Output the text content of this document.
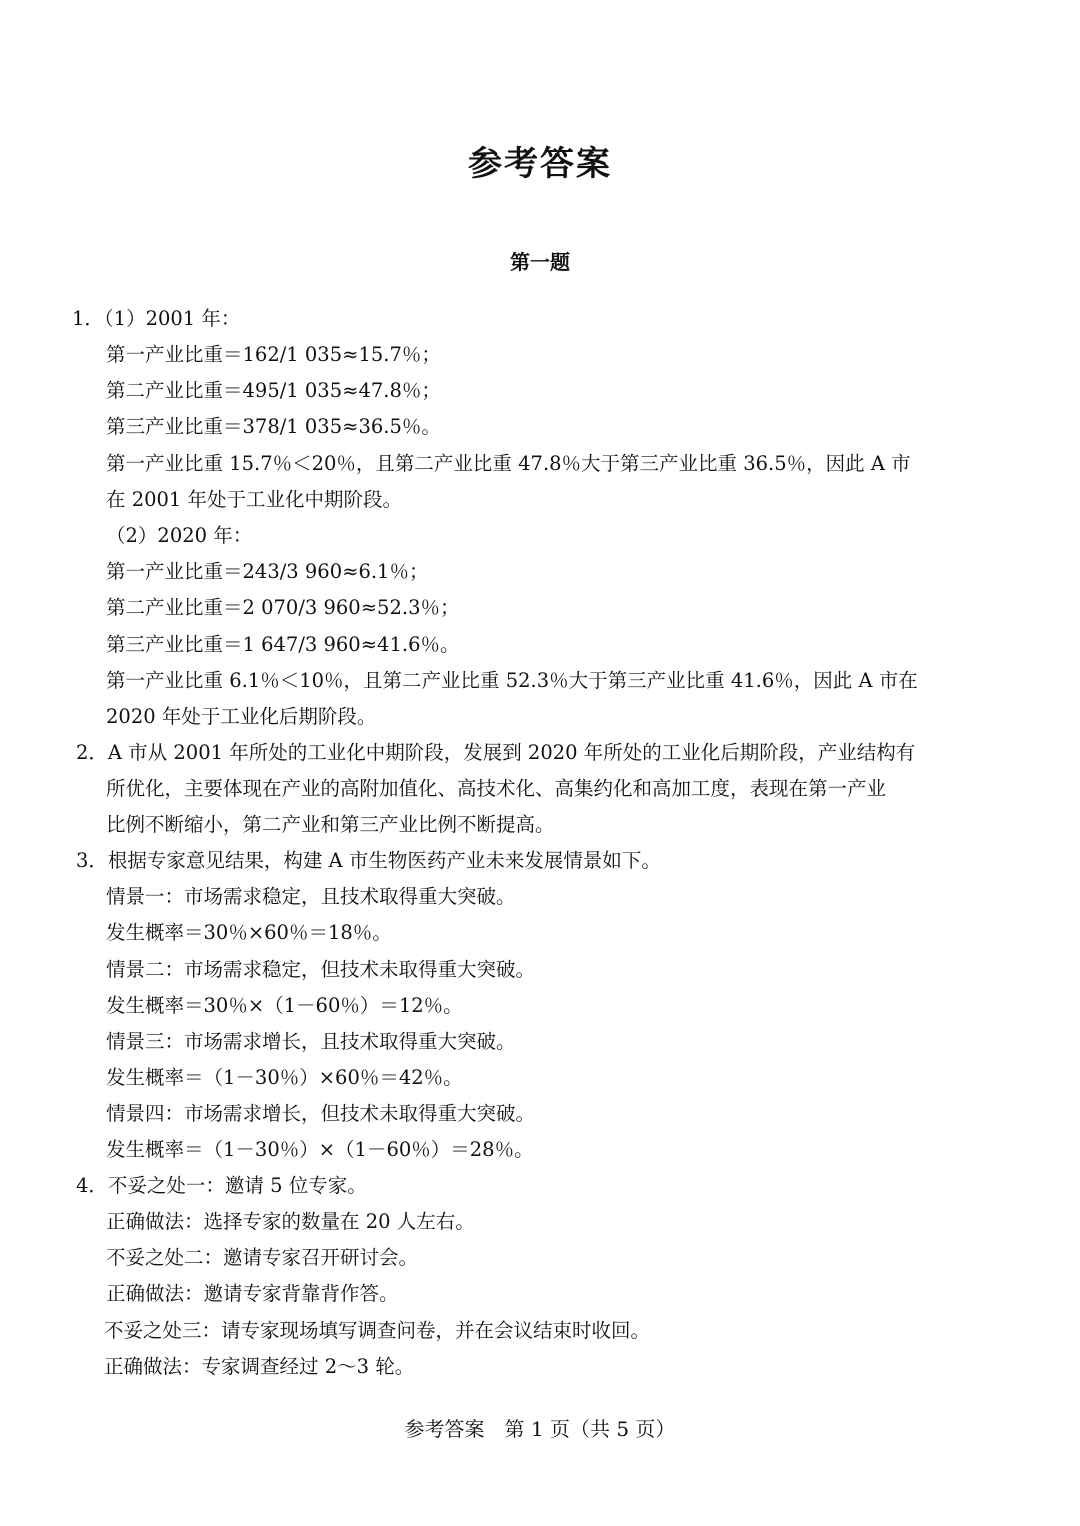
参考答案
第一题
1．（1）2001 年：
第一产业比重＝162/1 035≈15.7％；
第二产业比重＝495/1 035≈47.8％；
第三产业比重＝378/1 035≈36.5％。
第一产业比重 15.7％＜20％，且第二产业比重 47.8％大于第三产业比重 36.5％，因此 A 市
在 2001 年处于工业化中期阶段。
（2）2020 年：
第一产业比重＝243/3 960≈6.1％；
第二产业比重＝2 070/3 960≈52.3％；
第三产业比重＝1 647/3 960≈41.6％。
第一产业比重 6.1％＜10％，且第二产业比重 52.3％大于第三产业比重 41.6％，因此 A 市在
2020 年处于工业化后期阶段。
2．A 市从 2001 年所处的工业化中期阶段，发展到 2020 年所处的工业化后期阶段，产业结构有
所优化，主要体现在产业的高附加值化、高技术化、高集约化和高加工度，表现在第一产业
比例不断缩小，第二产业和第三产业比例不断提高。
3．根据专家意见结果，构建 A 市生物医药产业未来发展情景如下。
情景一：市场需求稳定，且技术取得重大突破。
发生概率＝30％×60％＝18％。
情景二：市场需求稳定，但技术未取得重大突破。
发生概率＝30％×（1－60％）＝12％。
情景三：市场需求增长，且技术取得重大突破。
发生概率＝（1－30％）×60％＝42％。
情景四：市场需求增长，但技术未取得重大突破。
发生概率＝（1－30％）×（1－60％）＝28％。
4．不妥之处一：邀请 5 位专家。
正确做法：选择专家的数量在 20 人左右。
不妥之处二：邀请专家召开研讨会。
正确做法：邀请专家背靠背作答。
不妥之处三：请专家现场填写调查问卷，并在会议结束时收回。
正确做法：专家调查经过 2～3 轮。
参考答案　第 1 页（共 5 页）
